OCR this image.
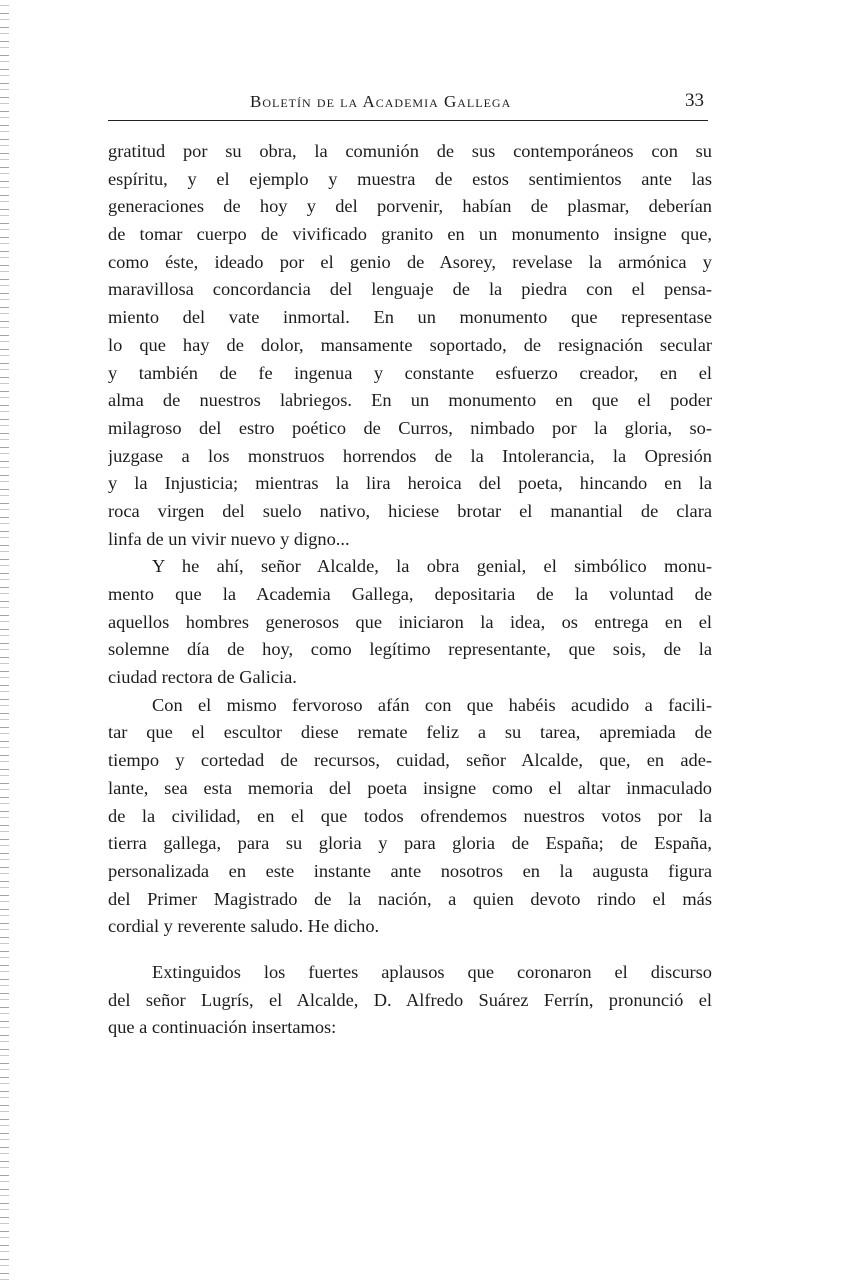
Boletín de la Academia Gallega	33
gratitud por su obra, la comunión de sus contemporáneos con su
espíritu, y el ejemplo y muestra de estos sentimientos ante las
generaciones de hoy y del porvenir, habían de plasmar, deberían
de tomar cuerpo de vivificado granito en un monumento insigne que,
como éste, ideado por el genio de Asorey, revelase la armónica y
maravillosa concordancia del lenguaje de la piedra con el pensa-
miento del vate inmortal. En un monumento que representase
lo que hay de dolor, mansamente soportado, de resignación secular
y también de fe ingenua y constante esfuerzo creador, en el
alma de nuestros labriegos. En un monumento en que el poder
milagroso del estro poético de Curros, nimbado por la gloria, so-
juzgase a los monstruos horrendos de la Intolerancia, la Opresión
y la Injusticia; mientras la lira heroica del poeta, hincando en la
roca virgen del suelo nativo, hiciese brotar el manantial de clara
linfa de un vivir nuevo y digno...
Y he ahí, señor Alcalde, la obra genial, el simbólico monu-
mento que la Academia Gallega, depositaria de la voluntad de
aquellos hombres generosos que iniciaron la idea, os entrega en el
solemne día de hoy, como legítimo representante, que sois, de la
ciudad rectora de Galicia.
Con el mismo fervoroso afán con que habéis acudido a facili-
tar que el escultor diese remate feliz a su tarea, apremiada de
tiempo y cortedad de recursos, cuidad, señor Alcalde, que, en ade-
lante, sea esta memoria del poeta insigne como el altar inmaculado
de la civilidad, en el que todos ofrendemos nuestros votos por la
tierra gallega, para su gloria y para gloria de España; de España,
personalizada en este instante ante nosotros en la augusta figura
del Primer Magistrado de la nación, a quien devoto rindo el más
cordial y reverente saludo. He dicho.
Extinguidos los fuertes aplausos que coronaron el discurso
del señor Lugrís, el Alcalde, D. Alfredo Suárez Ferrín, pronunció el
que a continuación insertamos:
